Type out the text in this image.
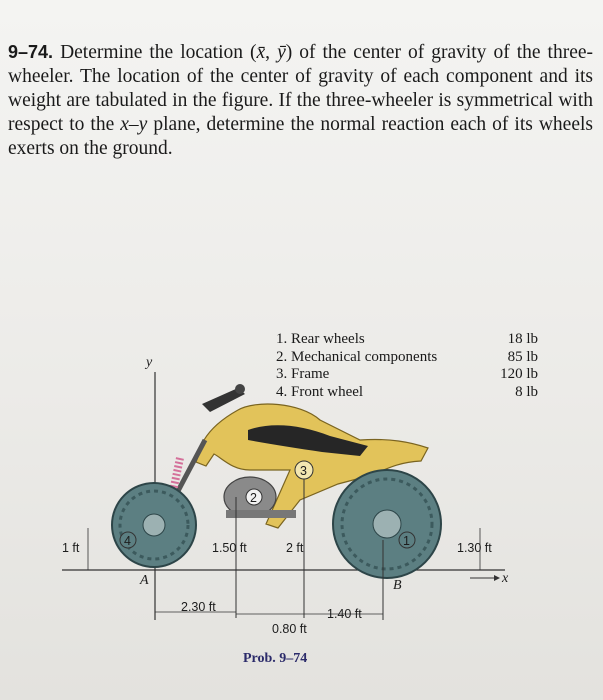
9–74. Determine the location (x̄, ȳ) of the center of gravity of the three-wheeler. The location of the center of gravity of each component and its weight are tabulated in the figure. If the three-wheeler is symmetrical with respect to the x–y plane, determine the normal reaction each of its wheels exerts on the ground.
y
x
2
3
4	1
A	B
1 ft	1.50 ft	2 ft	1.30 ft
2.30 ft
0.80 ft
1.40 ft
1. Rear wheels	18 lb
2. Mechanical components	85 lb
3. Frame	120 lb
4. Front wheel	8 lb
Prob. 9–74
